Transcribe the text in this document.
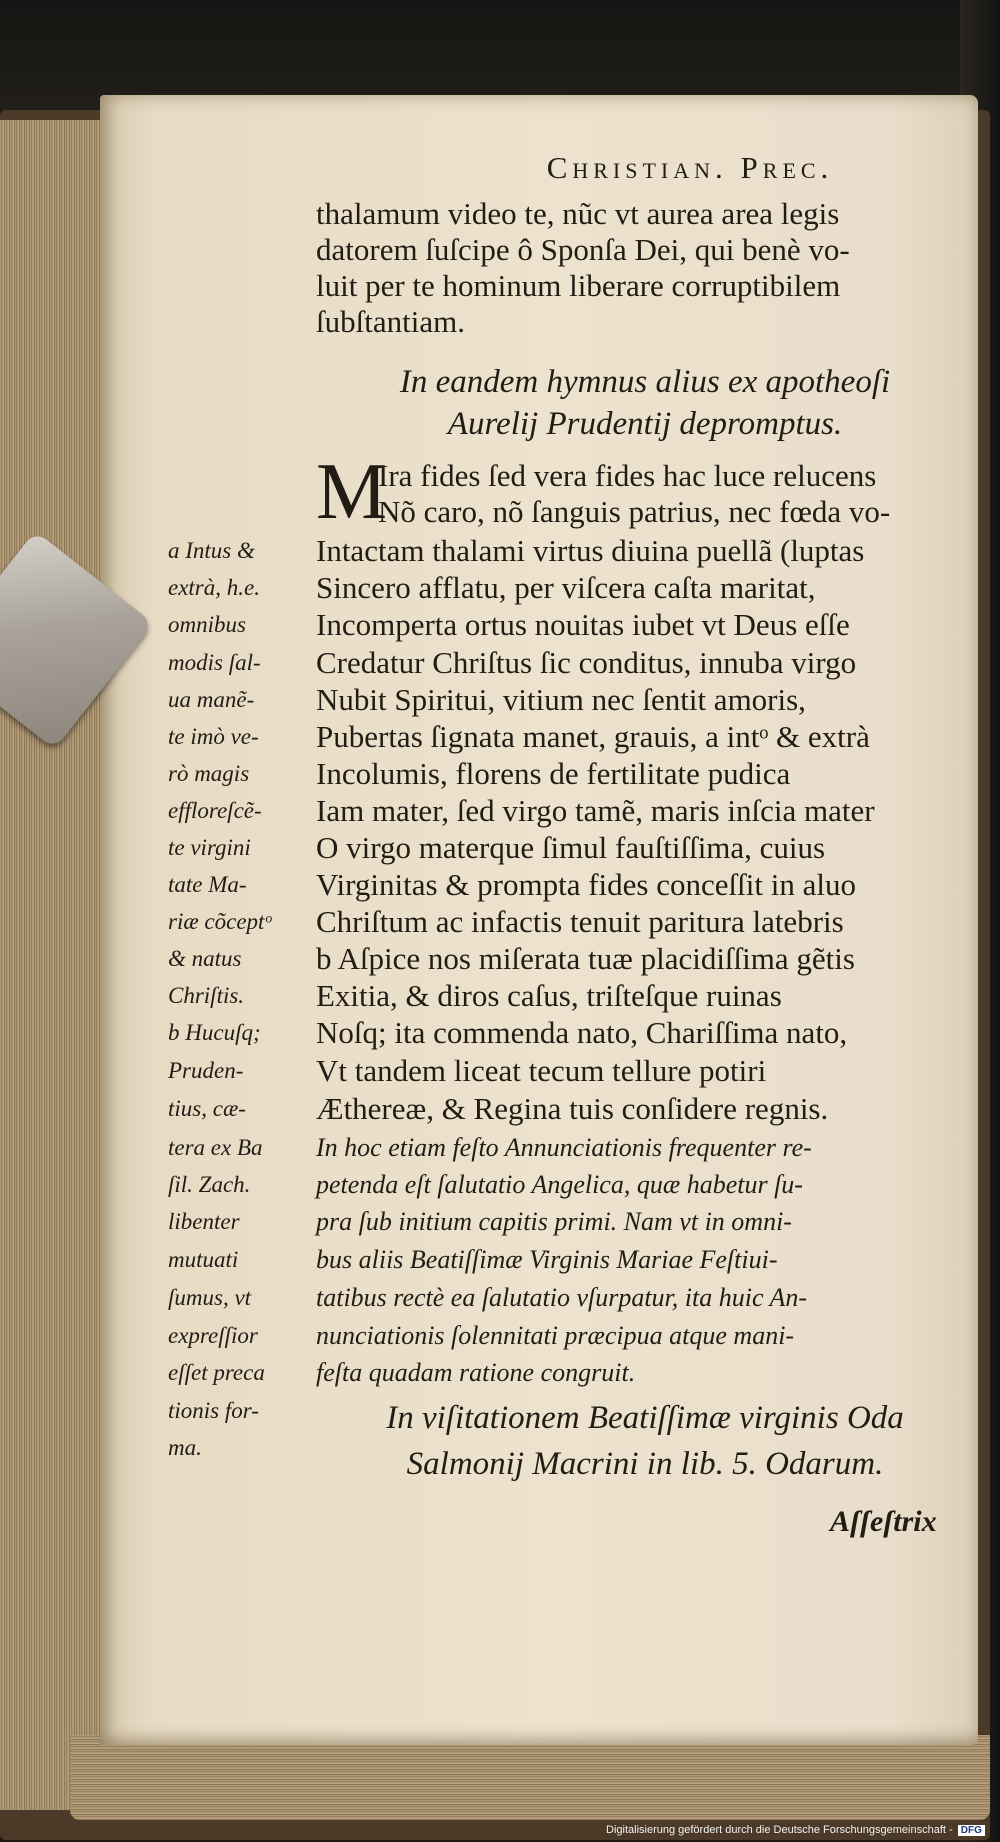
Christian. Prec.
thalamum video te, nũc vt aurea area legis
datorem ſuſcipe ô Sponſa Dei, qui benè vo-
luit per te hominum liberare corruptibilem
ſubſtantiam.
In eandem hymnus alius ex apotheoſi
Aurelij Prudentij depromptus.
M
Ira fides ſed vera fides hac luce relucens
Nõ caro, nõ ſanguis patrius, nec fœda vo-
Intactam thalami virtus diuina puellã (luptas
Sincero afflatu, per viſcera caſta maritat,
Incomperta ortus nouitas iubet vt Deus eſſe
Credatur Chriſtus ſic conditus, innuba virgo
Nubit Spiritui, vitium nec ſentit amoris,
Pubertas ſignata manet, grauis, a intᵒ & extrà
Incolumis, florens de fertilitate pudica
Iam mater, ſed virgo tamẽ, maris inſcia mater
O virgo materque ſimul fauſtiſſima, cuius
Virginitas & prompta fides conceſſit in aluo
Chriſtum ac infactis tenuit paritura latebris
b Aſpice nos miſerata tuæ placidiſſima gẽtis
Exitia, & diros caſus, triſteſque ruinas
Noſq; ita commenda nato, Chariſſima nato,
Vt tandem liceat tecum tellure potiri
Æthereæ, & Regina tuis conſidere regnis.
In hoc etiam feſto Annunciationis frequenter re-
petenda eſt ſalutatio Angelica, quæ habetur ſu-
pra ſub initium capitis primi. Nam vt in omni-
bus aliis Beatiſſimæ Virginis Mariae Feſtiui-
tatibus rectè ea ſalutatio vſurpatur, ita huic An-
nunciationis ſolennitati præcipua atque mani-
feſta quadam ratione congruit.
In viſitationem Beatiſſimæ virginis Oda
Salmonij Macrini in lib. 5. Odarum.
Aſſeſtrix
a Intus &
extrà, h.e.
omnibus
modis ſal-
ua manẽ-
te imò ve-
rò magis
effloreſcẽ-
te virgini
tate Ma-
riæ cõceptᵒ
& natus
Chriſtis.
b Hucuſq;
Pruden-
tius, cæ-
tera ex Ba
ſil. Zach.
libenter
mutuati
ſumus, vt
expreſſior
eſſet preca
tionis for-
ma.
Digitalisierung gefördert durch die Deutsche Forschungsgemeinschaft - DFG
